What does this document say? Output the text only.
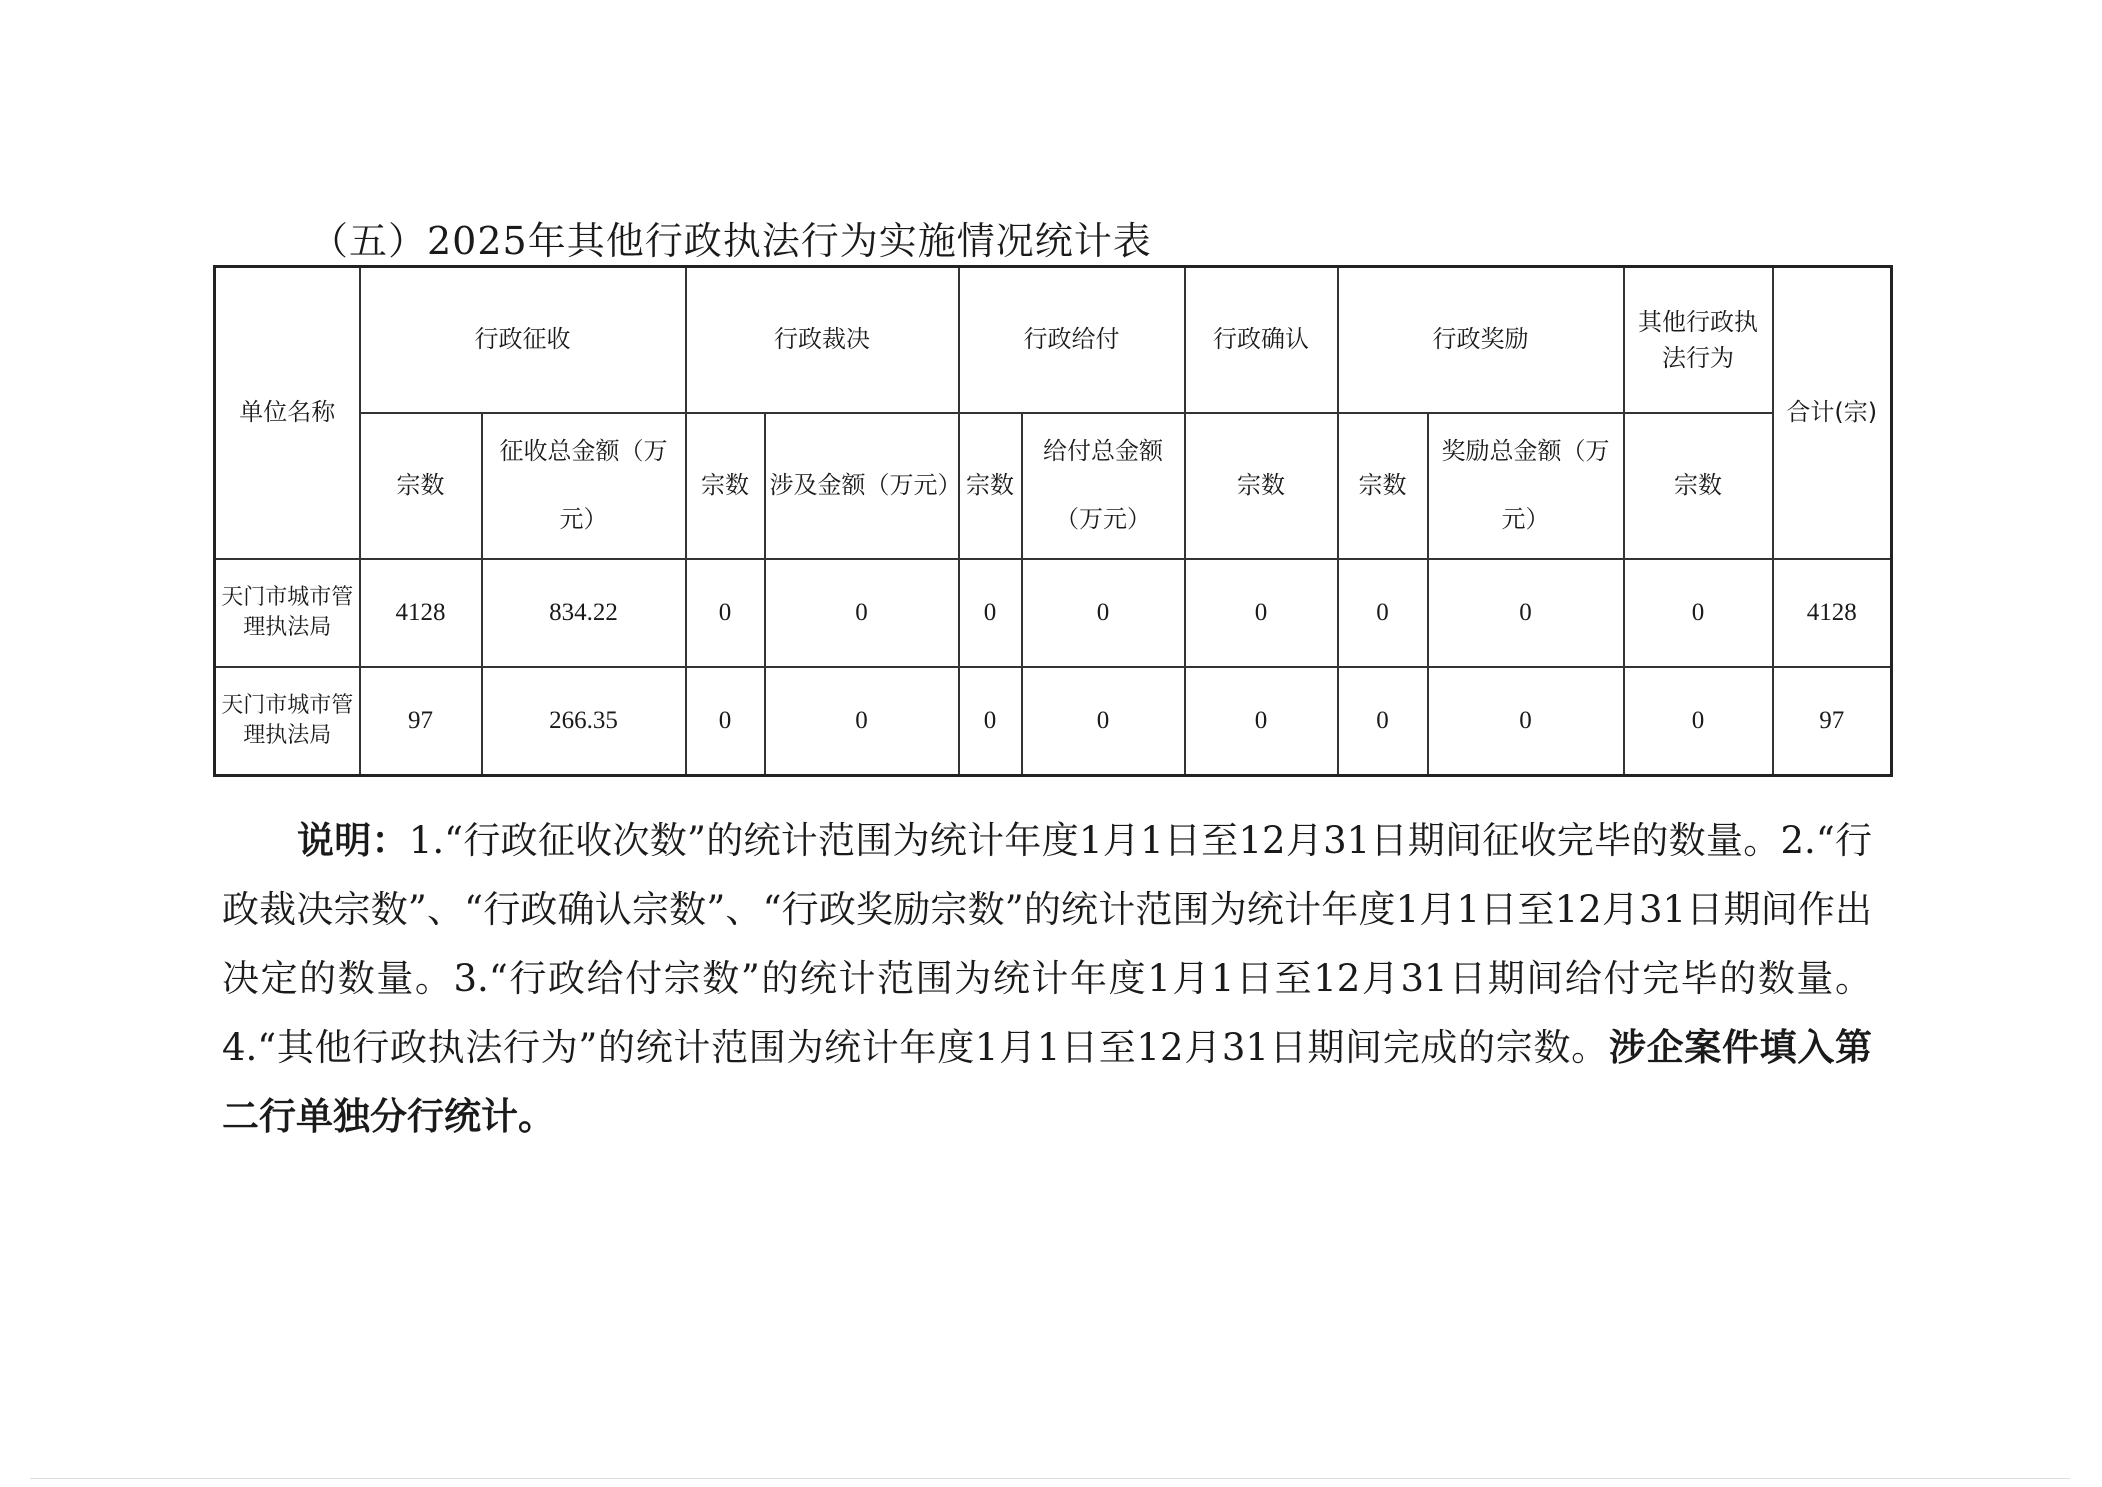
（五）2025年其他行政执法行为实施情况统计表
单位名称	行政征收		行政裁决		行政给付		行政确认	行政奖励		其他行政执法行为	合计(宗)
	宗数	征收总金额（万元）	宗数	涉及金额（万元）	宗数	给付总金额（万元）	宗数	宗数	奖励总金额（万元）	宗数	
天门市城市管理执法局	4128	834.22	0	0	0	0	0	0	0	0	4128
天门市城市管理执法局	97	266.35	0	0	0	0	0	0	0	0	97

说明：1.“行政征收次数”的统计范围为统计年度1月1日至12月31日期间征收完毕的数量。2.“行政裁决宗数”、“行政确认宗数”、“行政奖励宗数”的统计范围为统计年度1月1日至12月31日期间作出决定的数量。3.“行政给付宗数”的统计范围为统计年度1月1日至12月31日期间给付完毕的数量。4.“其他行政执法行为”的统计范围为统计年度1月1日至12月31日期间完成的宗数。涉企案件填入第二行单独分行统计。
